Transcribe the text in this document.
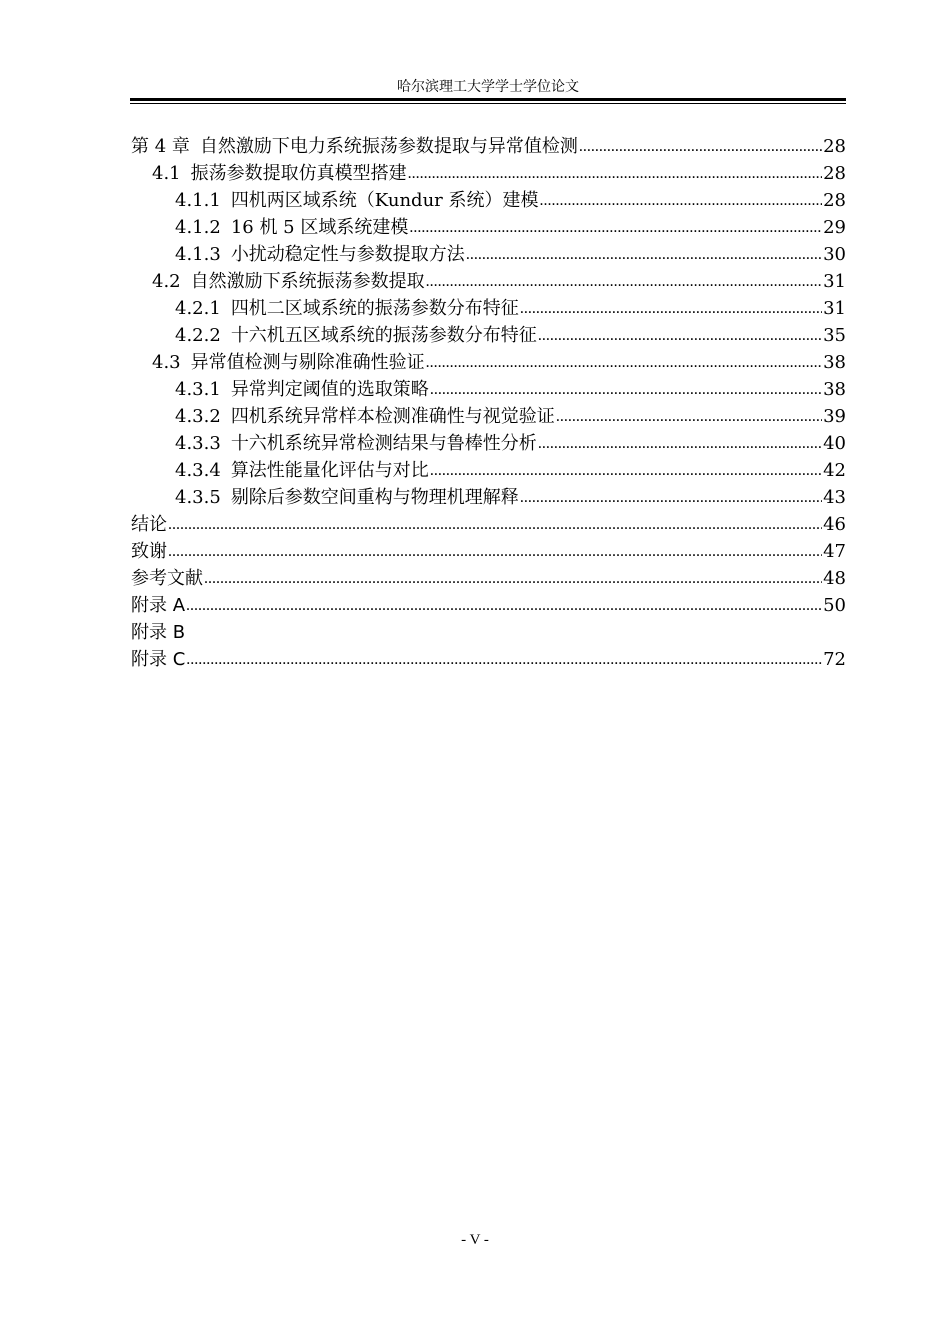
哈尔滨理工大学学士学位论文
第 4 章 自然激励下电力系统振荡参数提取与异常值检测 .....	28
4.1 振荡参数提取仿真模型搭建 .....	28
4.1.1 四机两区域系统（Kundur 系统）建模 .....	28
4.1.2 16 机 5 区域系统建模 .....	29
4.1.3 小扰动稳定性与参数提取方法 .....	30
4.2 自然激励下系统振荡参数提取 .....	31
4.2.1 四机二区域系统的振荡参数分布特征 .....	31
4.2.2 十六机五区域系统的振荡参数分布特征 .....	35
4.3 异常值检测与剔除准确性验证 .....	38
4.3.1 异常判定阈值的选取策略 .....	38
4.3.2 四机系统异常样本检测准确性与视觉验证 .....	39
4.3.3 十六机系统异常检测结果与鲁棒性分析 .....	40
4.3.4 算法性能量化评估与对比 .....	42
4.3.5 剔除后参数空间重构与物理机理解释 .....	43
结论 .....	46
致谢 .....	47
参考文献 .....	48
附录 A .....	50
附录 B
附录 C .....	72
- V -
